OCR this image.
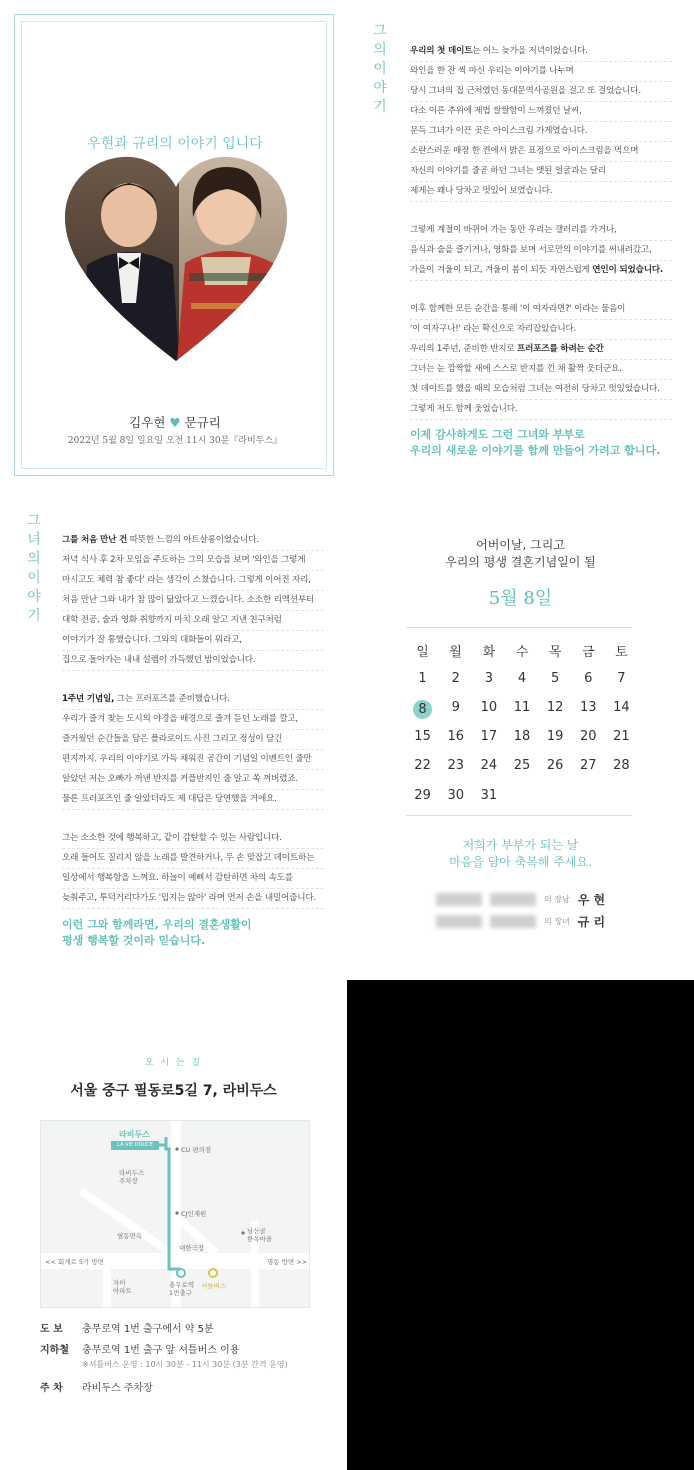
우현과 규리의 이야기 입니다
김우현 ♥ 문규리
2022년 5월 8일 일요일 오전 11시 30분『라비두스』
그
의
이
야
기
우리의 첫 데이트는 어느 늦가을 저녁이었습니다.
와인을 한 잔 씩 마신 우리는 이야기를 나누며
당시 그녀의 집 근처였던 동대문역사공원을 걸고 또 걸었습니다.
다소 이른 추위에 제법 쌀쌀함이 느껴졌던 날씨,
문득 그녀가 이끈 곳은 아이스크림 가게였습니다.
소란스러운 매장 한 켠에서 밝은 표정으로 아이스크림을 먹으며
자신의 이야기를 줄곧 하던 그녀는 앳된 얼굴과는 달리
제게는 꽤나 당차고 멋있어 보였습니다.
그렇게 계절이 바뀌어 가는 동안 우리는 갤러리를 가거나,
음식과 술을 즐기거나, 영화를 보며 서로만의 이야기를 써내려갔고,
가을이 겨울이 되고, 겨울이 봄이 되듯 자연스럽게 연인이 되었습니다.
이후 함께한 모든 순간을 통해 '이 여자라면?' 이라는 물음이
'이 여자구나!' 라는 확신으로 자리잡았습니다.
우리의 1주년, 준비한 반지로 프러포즈를 하려는 순간
그녀는 눈 깜짝할 새에 스스로 반지를 낀 채 활짝 웃더군요.
첫 데이트를 했을 때의 모습처럼 그녀는 여전히 당차고 멋있었습니다.
그렇게 저도 함께 웃었습니다.
이제 감사하게도 그런 그녀와 부부로
우리의 새로운 이야기를 함께 만들어 가려고 합니다.
그
녀
의
이
야
기
그를 처음 만난 건 따뜻한 느낌의 아트살롱이었습니다.
저녁 식사 후 2차 모임을 주도하는 그의 모습을 보며 '와인을 그렇게
마시고도 체력 참 좋다' 라는 생각이 스쳤습니다. 그렇게 이어진 자리,
처음 만난 그와 내가 참 많이 닮았다고 느꼈습니다. 소소한 리액션부터
대학 전공, 술과 영화 취향까지 마치 오래 알고 지낸 친구처럼
이야기가 잘 통했습니다. 그와의 대화들이 뭐라고,
집으로 돌아가는 내내 설렘이 가득했던 밤이었습니다.
1주년 기념일, 그는 프러포즈를 준비했습니다.
우리가 즐겨 찾는 도시의 야경을 배경으로 즐겨 듣던 노래를 깔고,
즐거웠던 순간들을 담은 폴라로이드 사진 그리고 정성이 담긴
편지까지. 우리의 이야기로 가득 채워진 공간이 기념일 이벤트인 줄만
알았던 저는 오빠가 꺼낸 반지를 커플반지인 줄 알고 쏙 껴버렸죠.
물론 프러포즈인 줄 알았더라도 제 대답은 당연했을 거에요.
그는 소소한 것에 행복하고, 같이 감탄할 수 있는 사람입니다.
오래 들어도 질리지 않을 노래를 발견하거나, 두 손 맞잡고 데이트하는
일상에서 행복함을 느껴요. 하늘이 예뻐서 감탄하면 차의 속도를
늦춰주고, 투덕거리다가도 '밉지는 않아' 라며 먼저 손을 내밀어줍니다.
이런 그와 함께라면, 우리의 결혼생활이
평생 행복할 것이라 믿습니다.
어버이날, 그리고
우리의 평생 결혼기념일이 될
5월 8일
일	월	화	수	목	금	토
1	2	3	4	5	6	7
8	9	10	11	12	13	14
15	16	17	18	19	20	21
22	23	24	25	26	27	28
29	30	31
저희가 부부가 되는 날
마음을 담아 축복해 주세요.
의 장남 우 현
의 장녀 규 리
오 시 는 길
서울 중구 필동로5길 7, 라비두스
라비두스
LA VIE DOUCE
CU 편의점
라비두스
주차장
CJ인재원
필동면옥
남산골
한옥마을
대한극장
<< 회계로 5가 방면	명동 방면 >>
자이
아파트
충무로역
1번출구
셔틀버스
도 보	충무로역 1번 출구에서 약 5분
지하철	충무로역 1번 출구 앞 셔틀버스 이용
※셔틀버스 운영 : 10시 30분 - 11시 30분 (3분 간격 운영)
주 차	라비두스 주차장
